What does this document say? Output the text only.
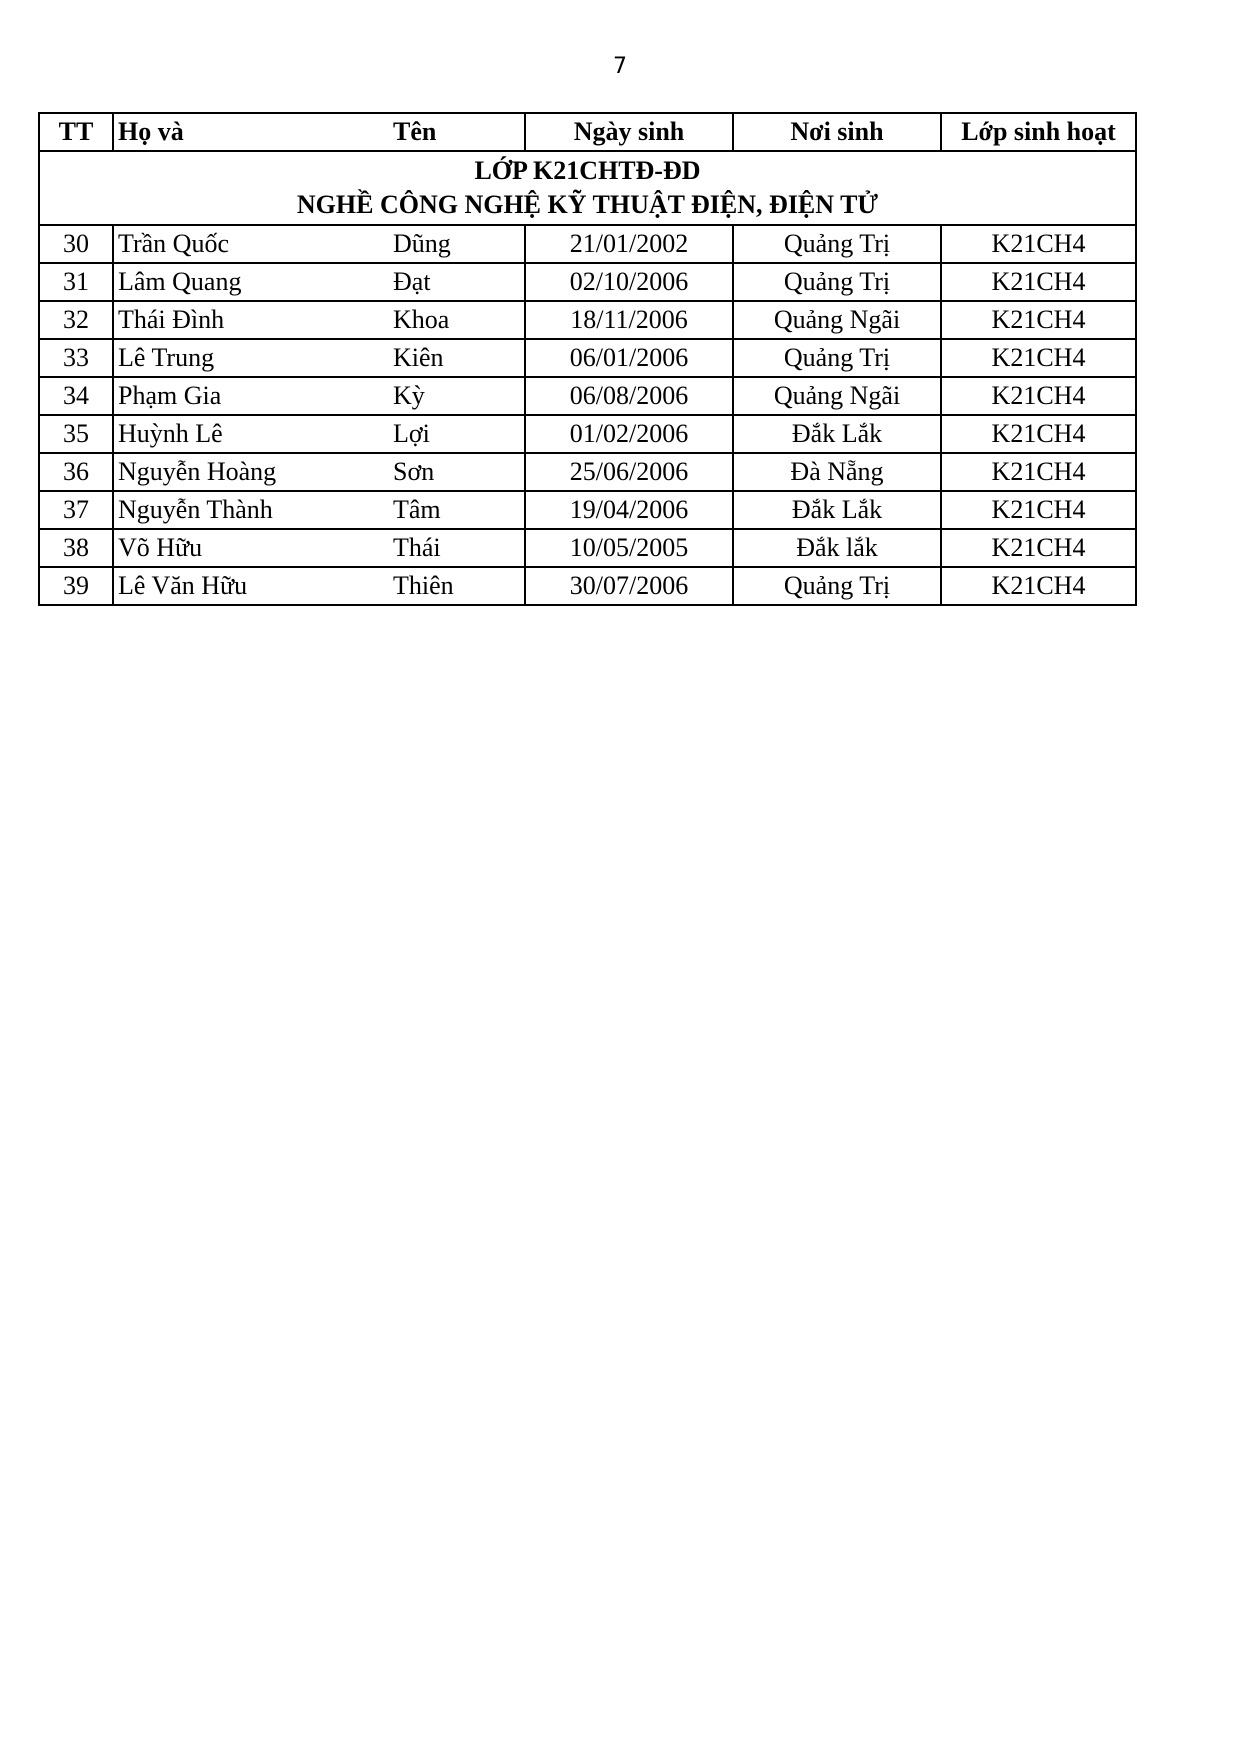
7
TT	Họ và	Tên	Ngày sinh	Nơi sinh	Lớp sinh hoạt

LỚP K21CHTĐ-ĐD
NGHỀ CÔNG NGHỆ KỸ THUẬT ĐIỆN, ĐIỆN TỬ					

30	Trần Quốc	Dũng	21/01/2002	Quảng Trị	K21CH4
31	Lâm Quang	Đạt	02/10/2006	Quảng Trị	K21CH4
32	Thái Đình	Khoa	18/11/2006	Quảng Ngãi	K21CH4
33	Lê Trung	Kiên	06/01/2006	Quảng Trị	K21CH4
34	Phạm Gia	Kỳ	06/08/2006	Quảng Ngãi	K21CH4
35	Huỳnh Lê	Lợi	01/02/2006	Đắk Lắk	K21CH4
36	Nguyễn Hoàng	Sơn	25/06/2006	Đà Nẵng	K21CH4
37	Nguyễn Thành	Tâm	19/04/2006	Đắk Lắk	K21CH4
38	Võ Hữu	Thái	10/05/2005	Đắk lắk	K21CH4
39	Lê Văn Hữu	Thiên	30/07/2006	Quảng Trị	K21CH4
